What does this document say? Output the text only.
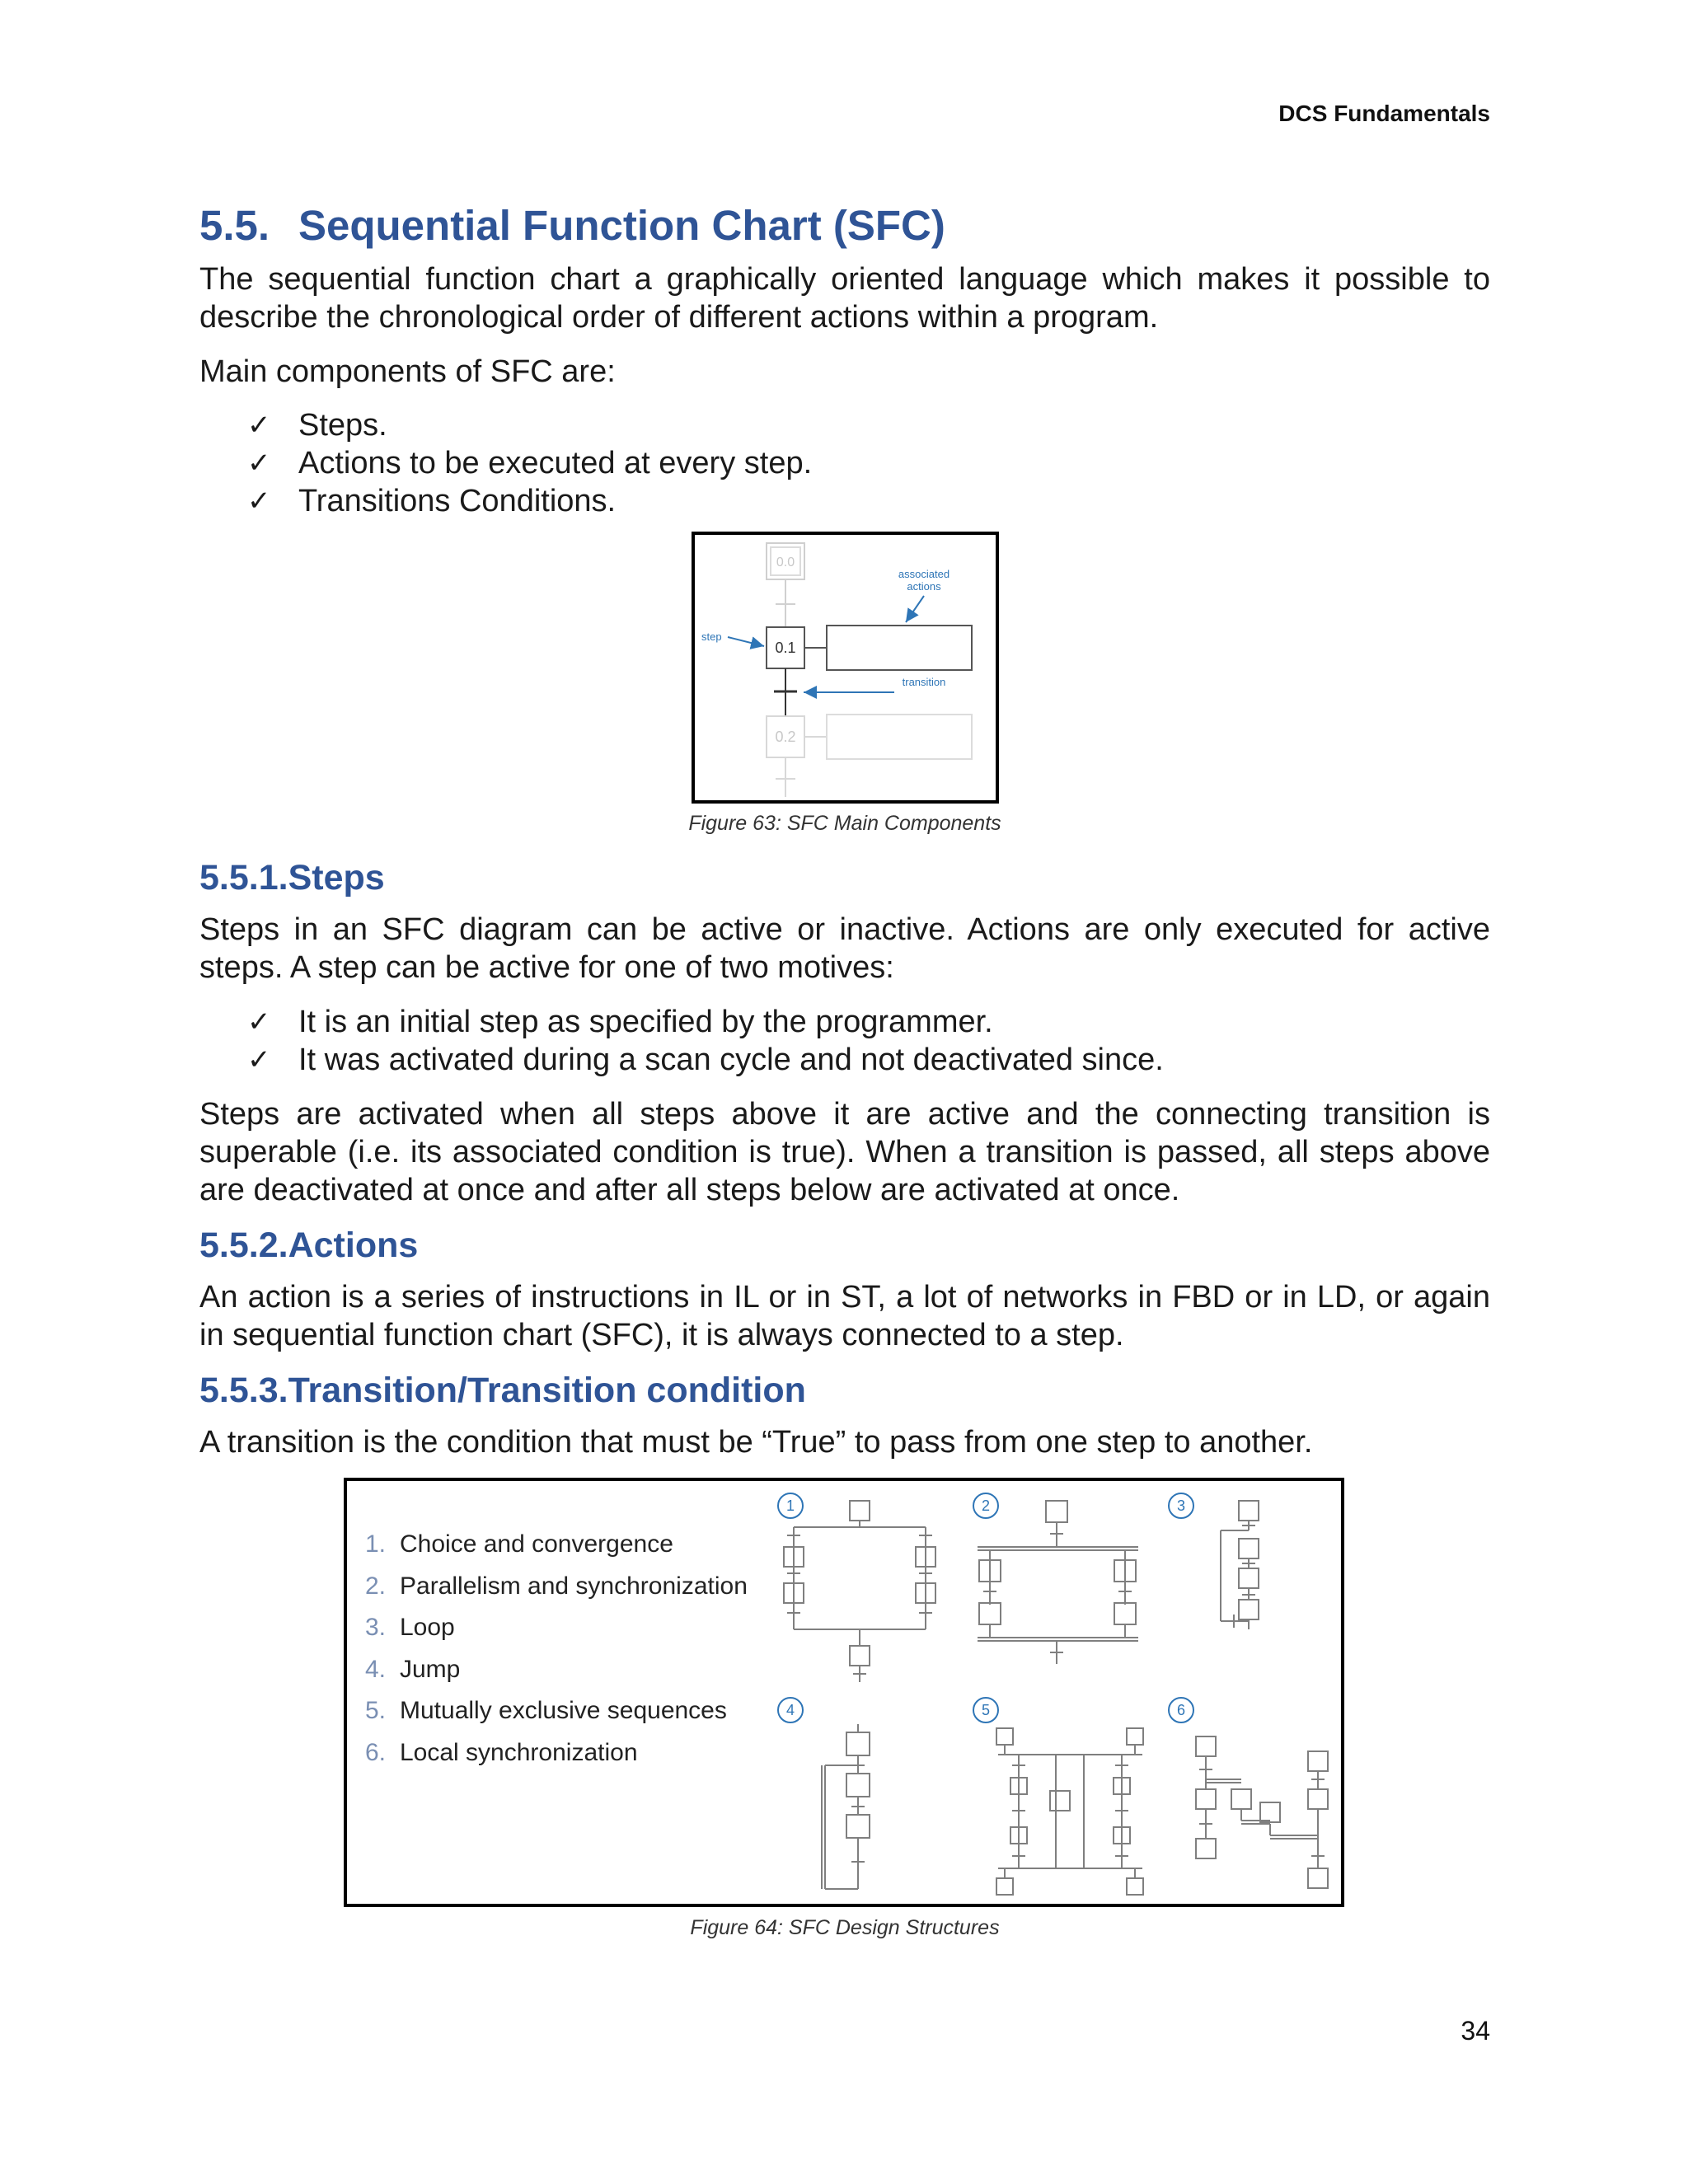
DCS Fundamentals
5.5. Sequential Function Chart (SFC)

The sequential function chart a graphically oriented language which makes it possible to describe the chronological order of different actions within a program.

Main components of SFC are:

✓ Steps.
✓ Actions to be executed at every step.
✓ Transitions Conditions.
0.0
0.1
0.2
step
associated
actions
transition
Figure 63: SFC Main Components
5.5.1.Steps

Steps in an SFC diagram can be active or inactive. Actions are only executed for active steps. A step can be active for one of two motives:

✓ It is an initial step as specified by the programmer.
✓ It was activated during a scan cycle and not deactivated since.

Steps are activated when all steps above it are active and the connecting transition is superable (i.e. its associated condition is true). When a transition is passed, all steps above are deactivated at once and after all steps below are activated at once.

5.5.2.Actions

An action is a series of instructions in IL or in ST, a lot of networks in FBD or in LD, or again in sequential function chart (SFC), it is always connected to a step.

5.5.3.Transition/Transition condition

A transition is the condition that must be “True” to pass from one step to another.

1. Choice and convergence
2. Parallelism and synchronization
3. Loop
4. Jump
5. Mutually exclusive sequences
6. Local synchronization
1	2	3
4	5	6
Figure 64: SFC Design Structures
34
